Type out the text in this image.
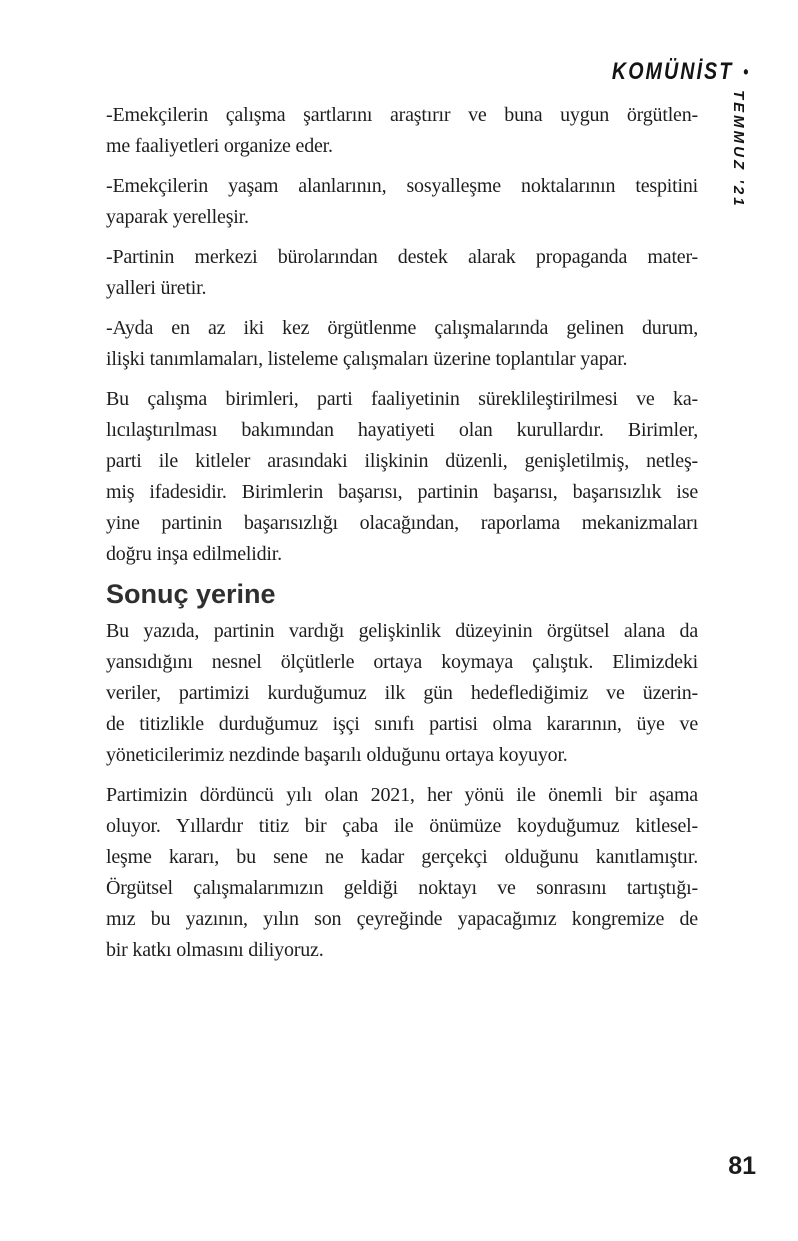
KOMÜNİST •
TEMMUZ '21

-Emekçilerin çalışma şartlarını araştırır ve buna uygun örgütlen-
me faaliyetleri organize eder.

-Emekçilerin yaşam alanlarının, sosyalleşme noktalarının tespitini
yaparak yerelleşir.

-Partinin merkezi bürolarından destek alarak propaganda mater-
yalleri üretir.

-Ayda en az iki kez örgütlenme çalışmalarında gelinen durum,
ilişki tanımlamaları, listeleme çalışmaları üzerine toplantılar yapar.

Bu çalışma birimleri, parti faaliyetinin süreklileştirilmesi ve ka-
lıcılaştırılması bakımından hayatiyeti olan kurullardır. Birimler,
parti ile kitleler arasındaki ilişkinin düzenli, genişletilmiş, netleş-
miş ifadesidir. Birimlerin başarısı, partinin başarısı, başarısızlık ise
yine partinin başarısızlığı olacağından, raporlama mekanizmaları
doğru inşa edilmelidir.

Sonuç yerine

Bu yazıda, partinin vardığı gelişkinlik düzeyinin örgütsel alana da
yansıdığını nesnel ölçütlerle ortaya koymaya çalıştık. Elimizdeki
veriler, partimizi kurduğumuz ilk gün hedeflediğimiz ve üzerin-
de titizlikle durduğumuz işçi sınıfı partisi olma kararının, üye ve
yöneticilerimiz nezdinde başarılı olduğunu ortaya koyuyor.

Partimizin dördüncü yılı olan 2021, her yönü ile önemli bir aşama
oluyor. Yıllardır titiz bir çaba ile önümüze koyduğumuz kitlesel-
leşme kararı, bu sene ne kadar gerçekçi olduğunu kanıtlamıştır.
Örgütsel çalışmalarımızın geldiği noktayı ve sonrasını tartıştığı-
mız bu yazının, yılın son çeyreğinde yapacağımız kongremize de
bir katkı olmasını diliyoruz.

81
